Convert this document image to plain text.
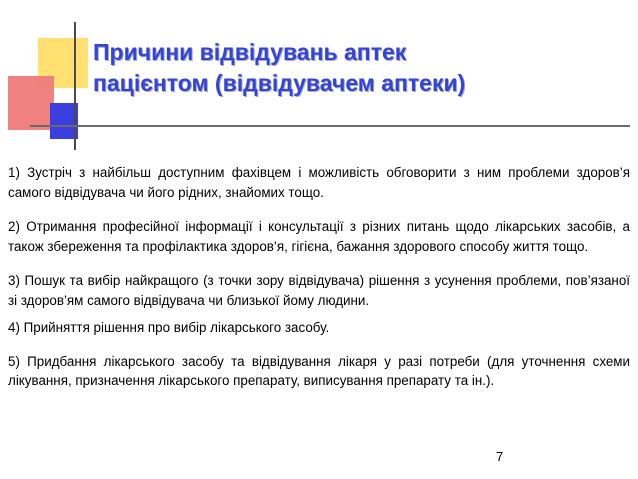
Причини відвідувань аптек
пацієнтом (відвідувачем аптеки)

1) Зустріч з найбільш доступним фахівцем і можливість обговорити з ним проблеми здоров’я самого відвідувача чи його рідних, знайомих тощо.

2) Отримання професійної інформації і консультації з різних питань щодо лікарських засобів, а також збереження та профілактика здоров’я, гігієна, бажання здорового способу життя тощо.

3) Пошук та вибір найкращого (з точки зору відвідувача) рішення з усунення проблеми, пов’язаної зі здоров’ям самого відвідувача чи близької йому людини.

4) Прийняття рішення про вибір лікарського засобу.

5) Придбання лікарського засобу та відвідування лікаря у разі потреби (для уточнення схеми лікування, призначення лікарського препарату, виписування препарату та ін.).

7
